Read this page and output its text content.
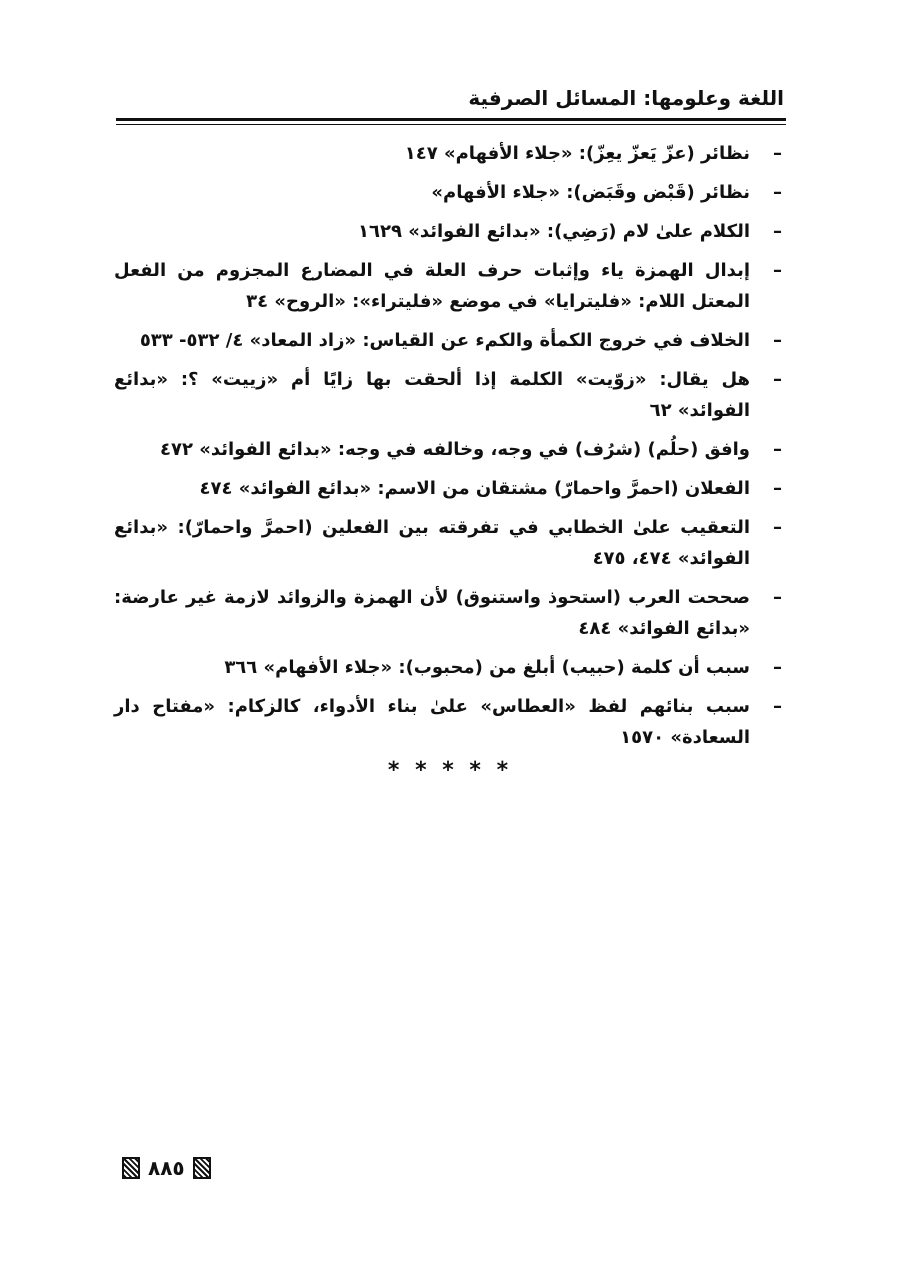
اللغة وعلومها: المسائل الصرفية
–
نظائر (عزّ يَعزّ يعِزّ): «جلاء الأفهام» ١٤٧
–
نظائر (قَبْض وقَبَض): «جلاء الأفهام»
–
الكلام علىٰ لام (رَضِي): «بدائع الفوائد» ١٦٢٩
–
إبدال الهمزة ياء وإثبات حرف العلة في المضارع المجزوم من الفعل المعتل اللام: «فليترايا» في موضع «فليتراء»: «الروح» ٣٤
–
الخلاف في خروج الكمأة والكمء عن القياس: «زاد المعاد» ٤/ ٥٣٢- ٥٣٣
–
هل يقال: «زوّيت» الكلمة إذا ألحقت بها زايًا أم «زييت» ؟: «بدائع الفوائد» ٦٢
–
وافق (حلُم) (شرُف) في وجه، وخالفه في وجه: «بدائع الفوائد» ٤٧٢
–
الفعلان (احمرَّ واحمارّ) مشتقان من الاسم: «بدائع الفوائد» ٤٧٤
–
التعقيب علىٰ الخطابي في تفرقته بين الفعلين (احمرَّ واحمارّ): «بدائع الفوائد» ٤٧٤، ٤٧٥
–
صححت العرب (استحوذ واستنوق) لأن الهمزة والزوائد لازمة غير عارضة: «بدائع الفوائد» ٤٨٤
–
سبب أن كلمة (حبيب) أبلغ من (محبوب): «جلاء الأفهام» ٣٦٦
–
سبب بنائهم لفظ «العطاس» علىٰ بناء الأدواء، كالزكام: «مفتاح دار السعادة» ١٥٧٠
* * * * *
٨٨٥
